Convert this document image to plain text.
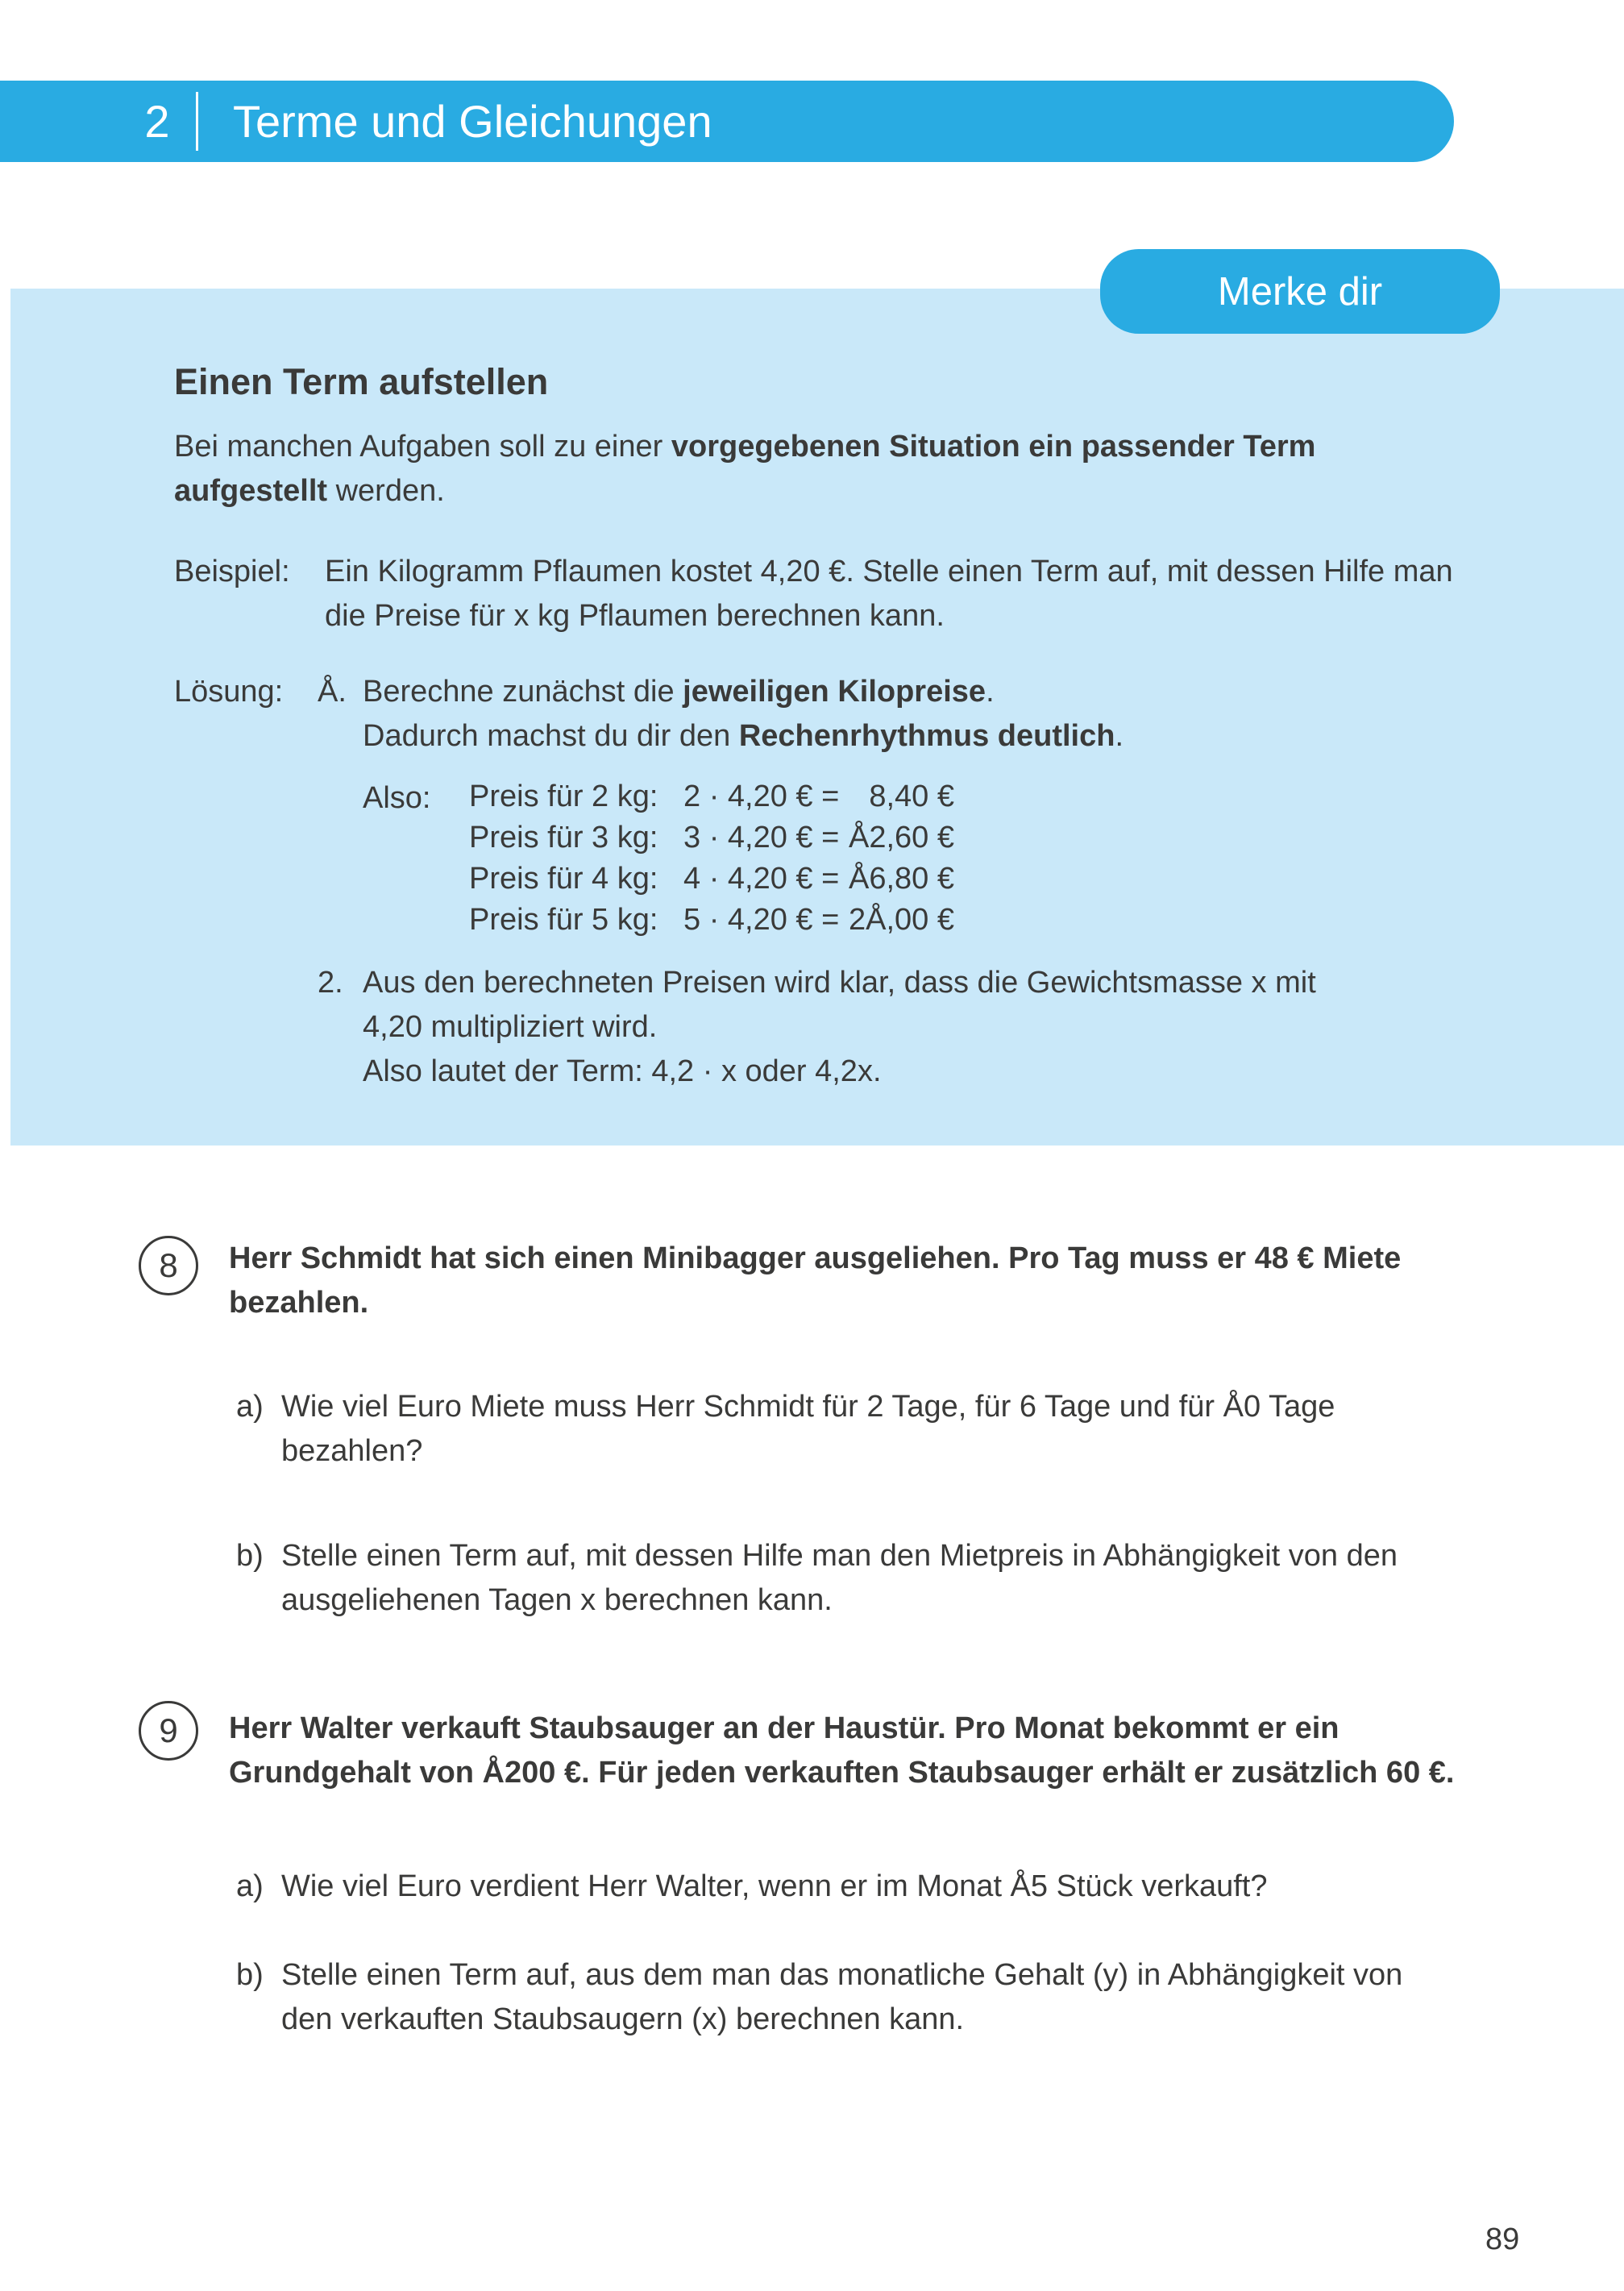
2	Terme und Gleichungen
Merke dir
Einen Term aufstellen
Bei manchen Aufgaben soll zu einer vorgegebenen Situation ein passender Term
aufgestellt werden.
Beispiel: Ein Kilogramm Pflaumen kostet 4,20 €. Stelle einen Term auf, mit dessen Hilfe man
die Preise für x kg Pflaumen berechnen kann.
Lösung: Å. Berechne zunächst die jeweiligen Kilopreise.
Dadurch machst du dir den Rechenrhythmus deutlich.
Also: Preis für 2 kg: 2 · 4,20 € = 8,40 €
Preis für 3 kg: 3 · 4,20 € = Å2,60 €
Preis für 4 kg: 4 · 4,20 € = Å6,80 €
Preis für 5 kg: 5 · 4,20 € = 2Å,00 €
2. Aus den berechneten Preisen wird klar, dass die Gewichtsmasse x mit
4,20 multipliziert wird.
Also lautet der Term: 4,2 · x oder 4,2x.
8 Herr Schmidt hat sich einen Minibagger ausgeliehen. Pro Tag muss er 48 € Miete
bezahlen.
a) Wie viel Euro Miete muss Herr Schmidt für 2 Tage, für 6 Tage und für Å0 Tage
bezahlen?
b) Stelle einen Term auf, mit dessen Hilfe man den Mietpreis in Abhängigkeit von den
ausgeliehenen Tagen x berechnen kann.
9 Herr Walter verkauft Staubsauger an der Haustür. Pro Monat bekommt er ein
Grundgehalt von Å200 €. Für jeden verkauften Staubsauger erhält er zusätzlich 60 €.
a) Wie viel Euro verdient Herr Walter, wenn er im Monat Å5 Stück verkauft?
b) Stelle einen Term auf, aus dem man das monatliche Gehalt (y) in Abhängigkeit von
den verkauften Staubsaugern (x) berechnen kann.
89
